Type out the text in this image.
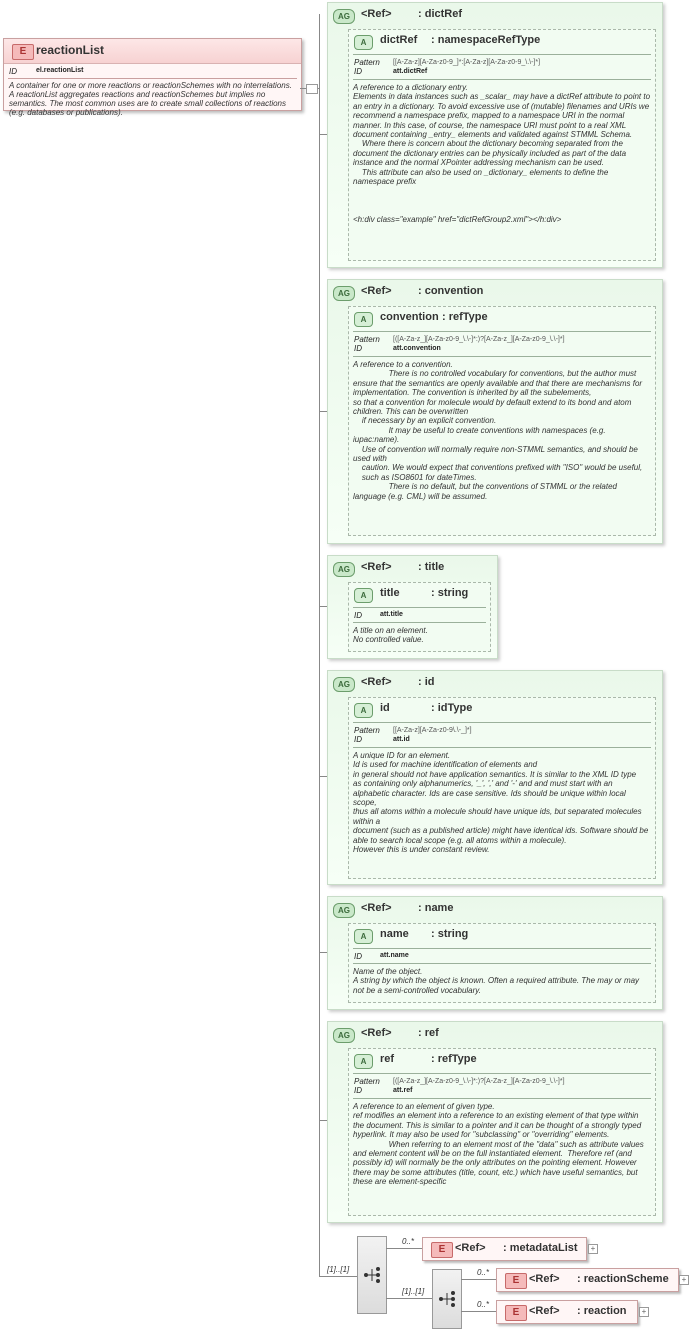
E reactionList
ID	el.reactionList
A container for one or more reactions or reactionSchemes with no interrelations.
A reactionList aggregates reactions and reactionSchemes but implies no semantics. The most common uses are to create small collections of reactions (e.g. databases or publications).
AG	<Ref> : dictRef
A	dictRef : namespaceRefType
Pattern [[A-Za-z][A-Za-z0-9_]*:[A-Za-z][A-Za-z0-9_\.\-]*]
ID	att.dictRef
A reference to a dictionary entry.
Elements in data instances such as _scalar_ may have a dictRef attribute to point to an entry in a dictionary. To avoid excessive use of (mutable) filenames and URIs we recommend a namespace prefix, mapped to a namespace URI in the normal manner. In this case, of course, the namespace URI must point to a real XML document containing _entry_ elements and validated against STMML Schema.
Where there is concern about the dictionary becoming separated from the document the dictionary entries can be physically included as part of the data instance and the normal XPointer addressing mechanism can be used.
This attribute can also be used on _dictionary_ elements to define the namespace prefix

<h:div class="example" href="dictRefGroup2.xml"></h:div>
AG	<Ref> : convention
A	convention : refType
Pattern [([A-Za-z_][A-Za-z0-9_\.\-]*:)?[A-Za-z_][A-Za-z0-9_\.\-]*]
ID	att.convention
A reference to a convention.
There is no controlled vocabulary for conventions, but the author must ensure that the semantics are openly available and that there are mechanisms for implementation. The convention is inherited by all the subelements,
so that a convention for molecule would by default extend to its bond and atom children. This can be overwritten
if necessary by an explicit convention.
It may be useful to create conventions with namespaces (e.g. iupac:name).
Use of convention will normally require non-STMML semantics, and should be used with
caution. We would expect that conventions prefixed with "ISO" would be useful,
such as ISO8601 for dateTimes.
There is no default, but the conventions of STMML or the related language (e.g. CML) will be assumed.
AG	<Ref> : title
A	title	: string
ID	att.title
A title on an element.
No controlled value.
AG	<Ref> : id
A	id	: idType
Pattern [[A-Za-z][A-Za-z0-9\.\-_]*]
ID	att.id
A unique ID for an element.
Id is used for machine identification of elements and
in general should not have application semantics. It is similar to the XML ID type
as containing only alphanumerics, '_', ',' and '-' and and must start with an alphabetic character. Ids are case sensitive. Ids should be unique within local scope,
thus all atoms within a molecule should have unique ids, but separated molecules within a
document (such as a published article) might have identical ids. Software should be able to search local scope (e.g. all atoms within a molecule).
However this is under constant review.
AG	<Ref> : name
A	name : string
ID	att.name
Name of the object.
A string by which the object is known. Often a required attribute. The may or may not be a semi-controlled vocabulary.
AG	<Ref> : ref
A	ref	: refType
Pattern [([A-Za-z_][A-Za-z0-9_\.\-]*:)?[A-Za-z_][A-Za-z0-9_\.\-]*]
ID	att.ref
A reference to an element of given type.
ref modifies an element into a reference to an existing element of that type within the document. This is similar to a pointer and it can be thought of a strongly typed hyperlink. It may also be used for "subclassing" or "overriding" elements.
When referring to an element most of the "data" such as attribute values and element content will be on the full instantiated element.  Therefore ref (and possibly id) will normally be the only attributes on the pointing element. However there may be some attributes (title, count, etc.) which have useful semantics, but these are element-specific
[1]..[1]
0..*
E <Ref> : metadataList	+
[1]..[1]
0..*
E <Ref> : reactionScheme	+
0..*
E <Ref> : reaction	+
